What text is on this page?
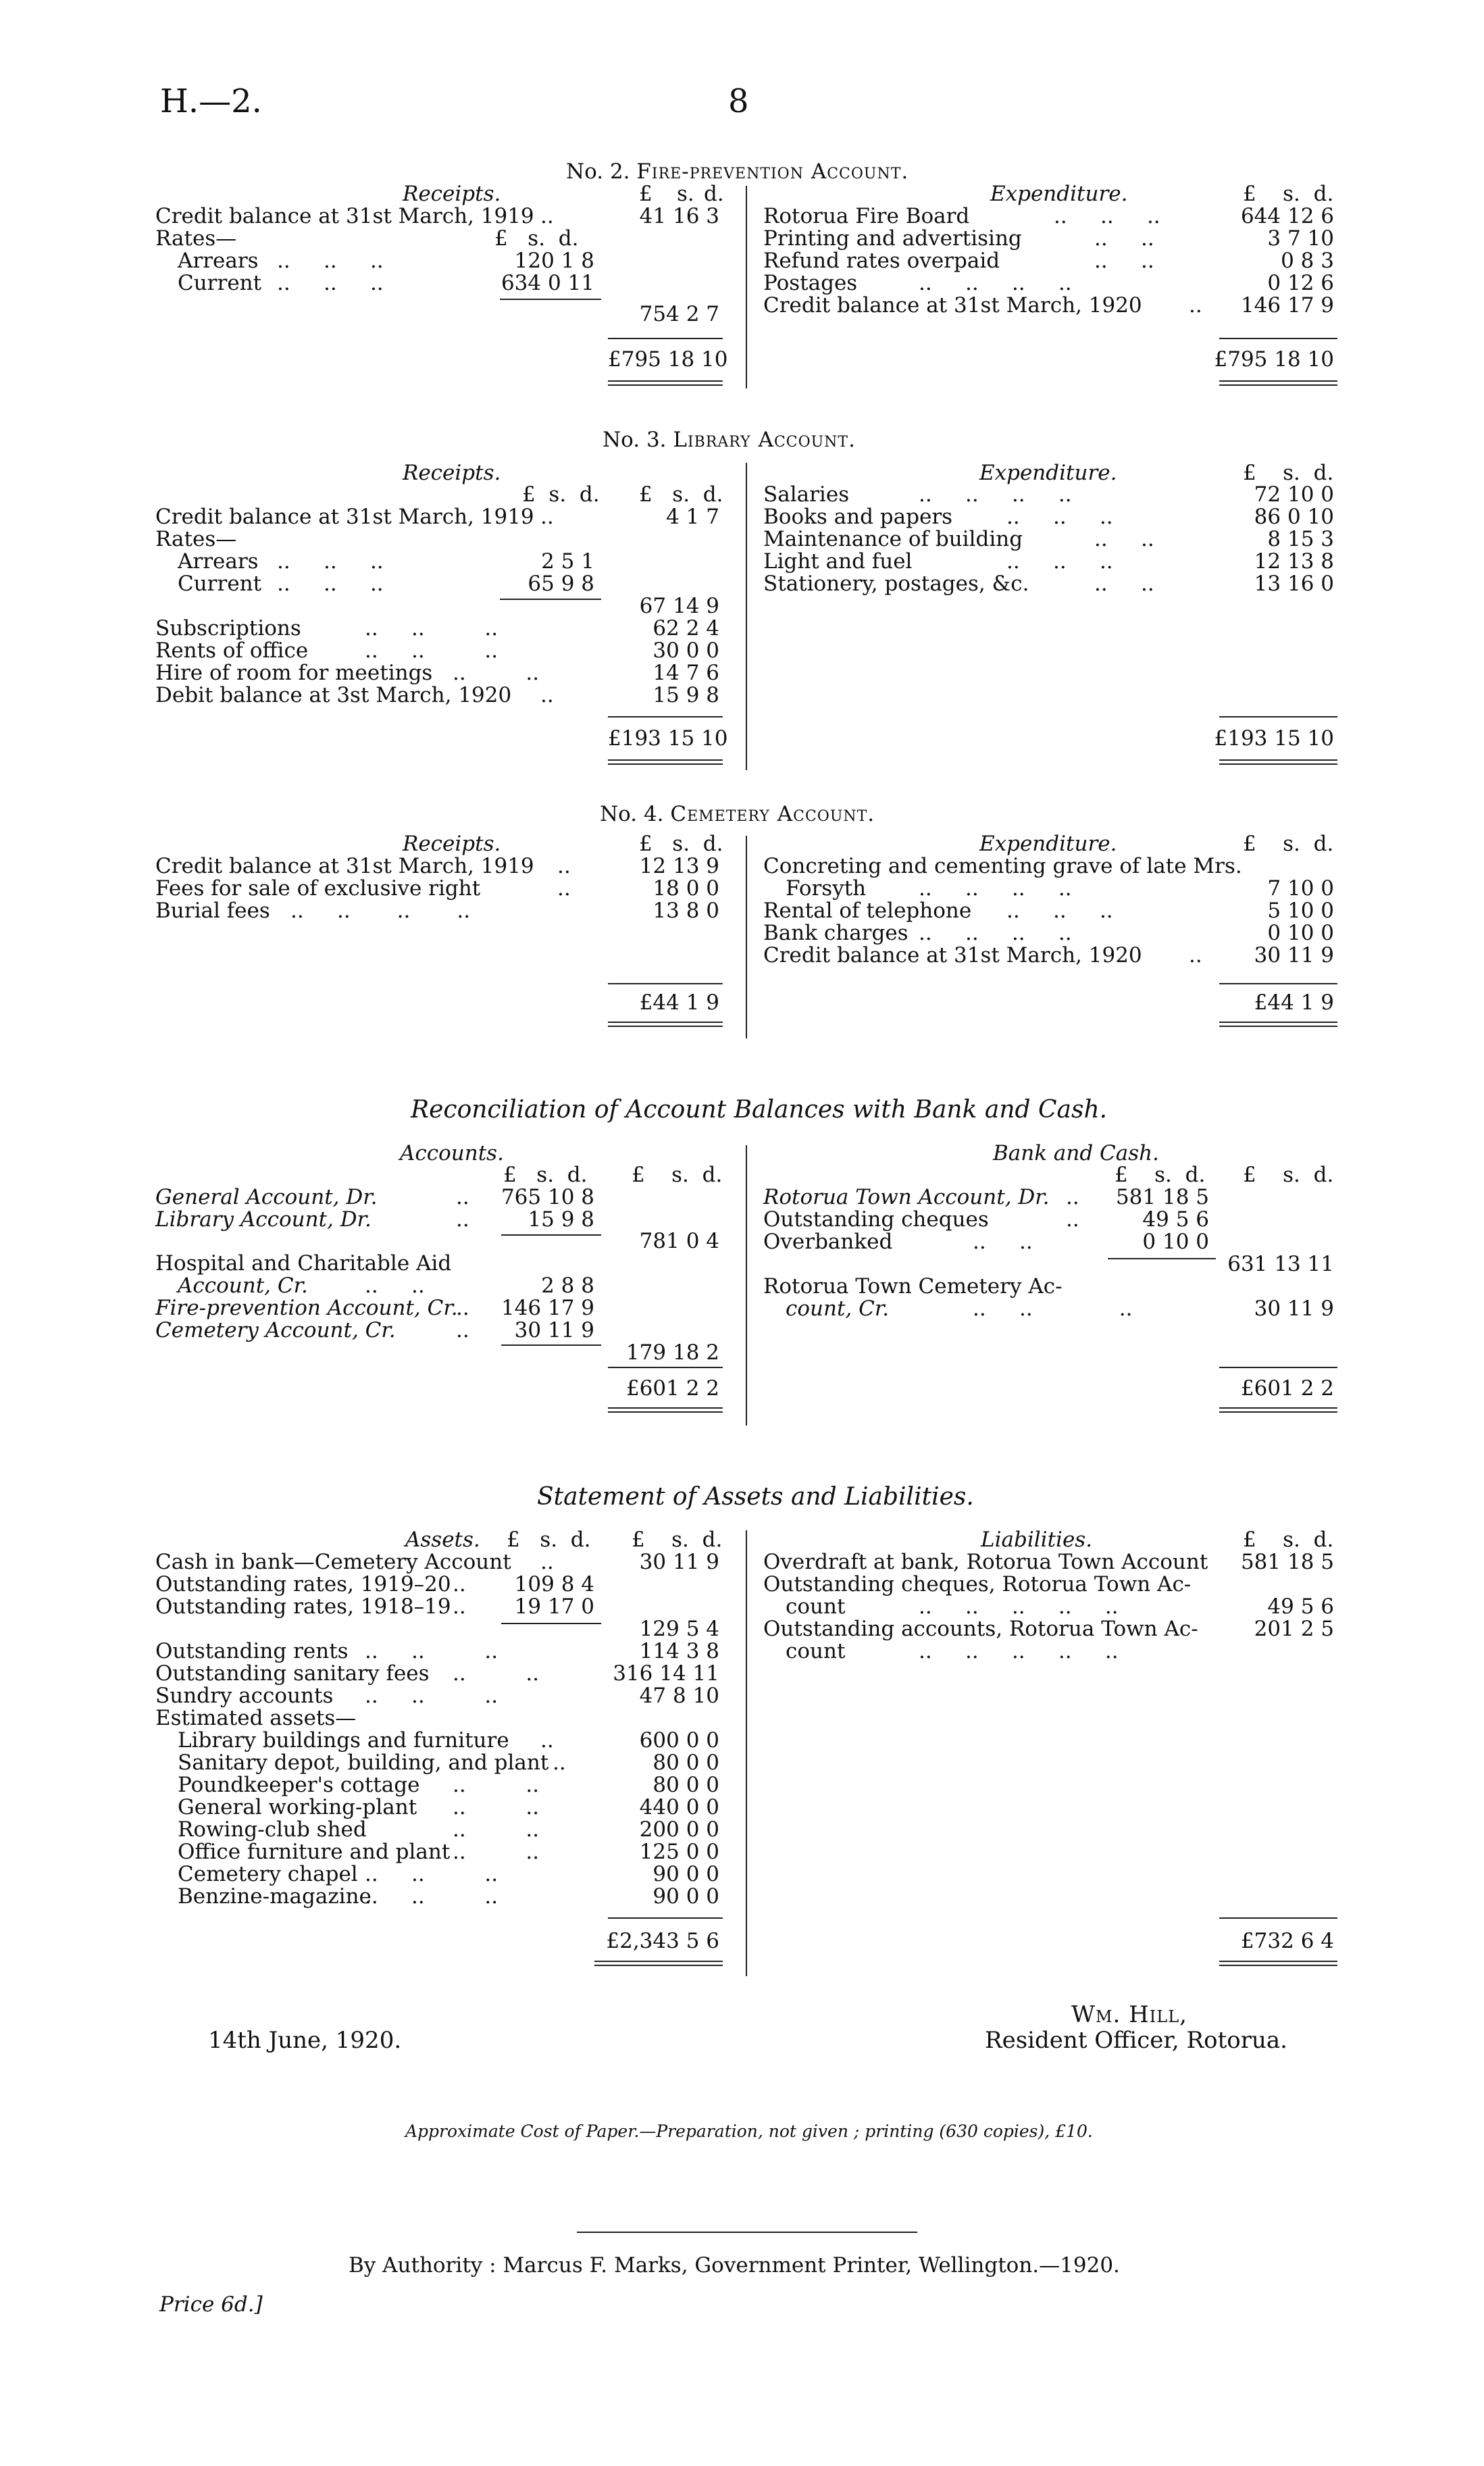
H.—2.	8
No. 2. Fire-prevention Account.
Receipts.	£ s. d.
Credit balance at 31st March, 1919 ..	41 16 3
Rates—	£   s.  d.
Arrears ..     ..     ..	120 1 8
Current ..     ..     ..	634 0 11
754 2 7
£795 18 10
Expenditure.	£    s.  d.
Rotorua Fire Board	..     ..     ..	644 12 6
Printing and advertising	..     ..	3 7 10
Refund rates overpaid	..     ..	0 8 3
Postages	..     ..     ..     ..	0 12 6
Credit balance at 31st March, 1920 ..	146 17 9
£795 18 10
No. 3. Library Account.
Receipts.
£  s.  d. £   s.  d.
Credit balance at 31st March, 1919 ..	4 1 7
Rates—
Arrears ..     ..     ..	2 5 1
Current ..     ..     ..	65 9 8
67 14 9
Subscriptions	..     ..         ..	62 2 4
Rents of office	..     ..         ..	30 0 0
Hire of room for meetings ..         ..	14 7 6
Debit balance at 3st March, 1920 ..	15 9 8
£193 15 10
Expenditure.	£    s.  d.
Salaries	..     ..     ..     ..	72 10 0
Books and papers	..     ..     ..	86 0 10
Maintenance of building	..     ..	8 15 3
Light and fuel	..     ..     ..	12 13 8
Stationery, postages, &c.	..     ..	13 16 0
£193 15 10
No. 4. Cemetery Account.
Receipts.	£   s.  d.
Credit balance at 31st March, 1919 ..	12 13 9
Fees for sale of exclusive right	..	18 0 0
Burial fees ..     ..       ..       ..	13 8 0
£44 1 9
Expenditure.	£    s.  d.
Concreting and cementing grave of late Mrs.
Forsyth	..     ..     ..     ..	7 10 0
Rental of telephone ..     ..     ..	5 10 0
Bank charges ..     ..     ..     ..	0 10 0
Credit balance at 31st March, 1920 ..	30 11 9
£44 1 9
Reconciliation of Account Balances with Bank and Cash.
Accounts.
£   s.  d. £    s.  d.
General Account, Dr.	..	765 10 8
Library Account, Dr.	..	15 9 8
781 0 4
Hospital and Charitable Aid
Account, Cr.	..     ..	2 8 8
Fire-prevention Account, Cr.
..	146 17 9
Cemetery Account, Cr.	..	30 11 9
179 18 2
£601 2 2
Bank and Cash.
£    s.  d. £    s.  d.
Rotorua Town Account, Dr. ..	581 18 5
Outstanding cheques	..	49 5 6
Overbanked	..     ..	0 10 0
631 13 11
Rotorua Town Cemetery Ac-
count, Cr.	..     ..             ..	30 11 9
£601 2 2
Statement of Assets and Liabilities.
Assets. £   s.  d. £    s.  d.
Cash in bank—Cemetery Account ..	30 11 9
Outstanding rates, 1919–20 ..	109 8 4
Outstanding rates, 1918–19 ..	19 17 0
129 5 4
Outstanding rents ..     ..         ..	114 3 8
Outstanding sanitary fees ..         ..	316 14 11
Sundry accounts ..     ..         ..	47 8 10
Estimated assets—
Library buildings and furniture ..	600 0 0
Sanitary depot, building, and plant ..	80 0 0
Poundkeeper's cottage ..         ..	80 0 0
General working-plant ..         ..	440 0 0
Rowing-club shed	..         ..	200 0 0
Office furniture and plant ..         ..	125 0 0
Cemetery chapel ..     ..         ..	90 0 0
Benzine-magazine
..     ..         ..	90 0 0
£2,343 5 6
Liabilities.	£    s.  d.
Overdraft at bank, Rotorua Town Account	581 18 5
Outstanding cheques, Rotorua Town Ac-
count	..     ..     ..     ..     ..	49 5 6
Outstanding accounts, Rotorua Town Ac-
count	..     ..     ..     ..     ..
201 2 5
£732 6 4
14th June, 1920.
Wm. Hill,
Resident Officer, Rotorua.
Approximate Cost of Paper.—Preparation, not given ; printing (630 copies), £10.
By Authority : Marcus F. Marks, Government Printer, Wellington.—1920.
Price 6d.]
